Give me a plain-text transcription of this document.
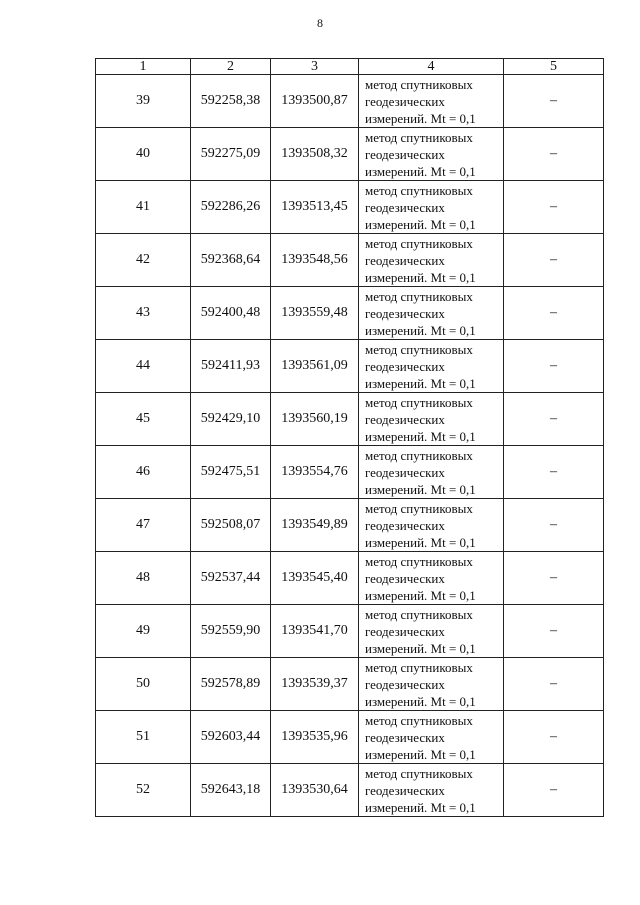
8
1	2	3	4	5
39	592258,38	1393500,87	метод спутниковых
геодезических
измерений. Mt = 0,1	–
40	592275,09	1393508,32	метод спутниковых
геодезических
измерений. Mt = 0,1	–
41	592286,26	1393513,45	метод спутниковых
геодезических
измерений. Mt = 0,1	–
42	592368,64	1393548,56	метод спутниковых
геодезических
измерений. Mt = 0,1	–
43	592400,48	1393559,48	метод спутниковых
геодезических
измерений. Mt = 0,1	–
44	592411,93	1393561,09	метод спутниковых
геодезических
измерений. Mt = 0,1	–
45	592429,10	1393560,19	метод спутниковых
геодезических
измерений. Mt = 0,1	–
46	592475,51	1393554,76	метод спутниковых
геодезических
измерений. Mt = 0,1	–
47	592508,07	1393549,89	метод спутниковых
геодезических
измерений. Mt = 0,1	–
48	592537,44	1393545,40	метод спутниковых
геодезических
измерений. Mt = 0,1	–
49	592559,90	1393541,70	метод спутниковых
геодезических
измерений. Mt = 0,1	–
50	592578,89	1393539,37	метод спутниковых
геодезических
измерений. Mt = 0,1	–
51	592603,44	1393535,96	метод спутниковых
геодезических
измерений. Mt = 0,1	–
52	592643,18	1393530,64	метод спутниковых
геодезических
измерений. Mt = 0,1	–
